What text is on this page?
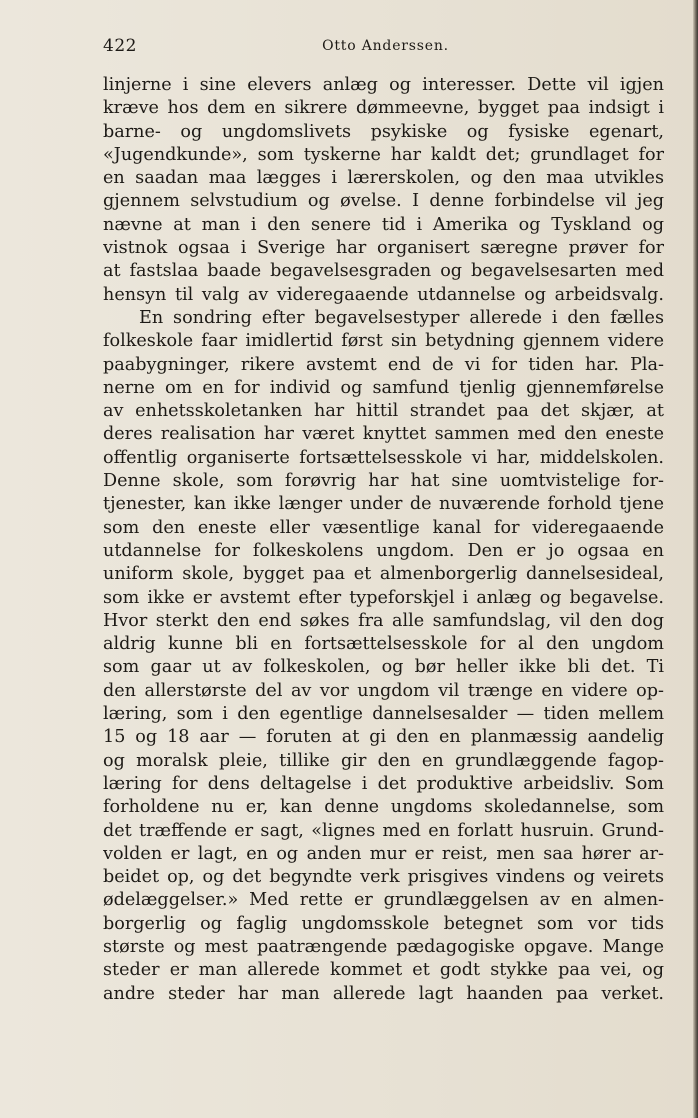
422	Otto Anderssen.
linjerne i sine elevers anlæg og interesser. Dette vil igjen
kræve hos dem en sikrere dømmeevne, bygget paa indsigt i
barne- og ungdomslivets psykiske og fysiske egenart,
«Jugendkunde», som tyskerne har kaldt det; grundlaget for
en saadan maa lægges i lærerskolen, og den maa utvikles
gjennem selvstudium og øvelse. I denne forbindelse vil jeg
nævne at man i den senere tid i Amerika og Tyskland og
vistnok ogsaa i Sverige har organisert særegne prøver for
at fastslaa baade begavelsesgraden og begavelsesarten med
hensyn til valg av videregaaende utdannelse og arbeidsvalg.
En sondring efter begavelsestyper allerede i den fælles
folkeskole faar imidlertid først sin betydning gjennem videre
paabygninger, rikere avstemt end de vi for tiden har. Pla-
nerne om en for individ og samfund tjenlig gjennemførelse
av enhetsskoletanken har hittil strandet paa det skjær, at
deres realisation har været knyttet sammen med den eneste
offentlig organiserte fortsættelsesskole vi har, middelskolen.
Denne skole, som forøvrig har hat sine uomtvistelige for-
tjenester, kan ikke længer under de nuværende forhold tjene
som den eneste eller væsentlige kanal for videregaaende
utdannelse for folkeskolens ungdom. Den er jo ogsaa en
uniform skole, bygget paa et almenborgerlig dannelsesideal,
som ikke er avstemt efter typeforskjel i anlæg og begavelse.
Hvor sterkt den end søkes fra alle samfundslag, vil den dog
aldrig kunne bli en fortsættelsesskole for al den ungdom
som gaar ut av folkeskolen, og bør heller ikke bli det. Ti
den allerstørste del av vor ungdom vil trænge en videre op-
læring, som i den egentlige dannelsesalder — tiden mellem
15 og 18 aar — foruten at gi den en planmæssig aandelig
og moralsk pleie, tillike gir den en grundlæggende fagop-
læring for dens deltagelse i det produktive arbeidsliv. Som
forholdene nu er, kan denne ungdoms skoledannelse, som
det træffende er sagt, «lignes med en forlatt husruin. Grund-
volden er lagt, en og anden mur er reist, men saa hører ar-
beidet op, og det begyndte verk prisgives vindens og veirets
ødelæggelser.» Med rette er grundlæggelsen av en almen-
borgerlig og faglig ungdomsskole betegnet som vor tids
største og mest paatrængende pædagogiske opgave. Mange
steder er man allerede kommet et godt stykke paa vei, og
andre steder har man allerede lagt haanden paa verket.
